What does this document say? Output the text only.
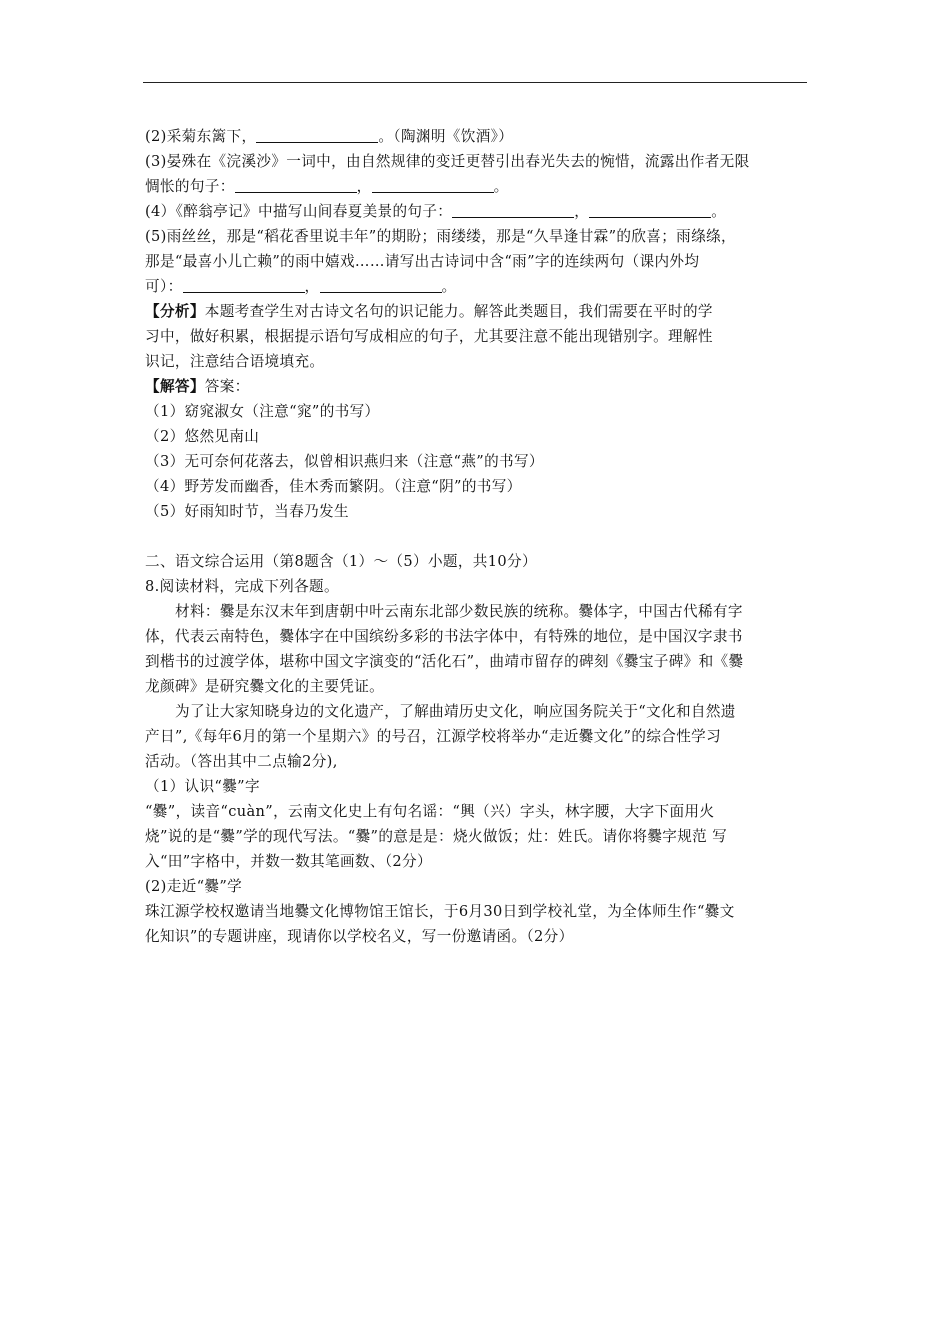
(2)采菊东篱下，	。（陶渊明《饮酒》）
(3)晏殊在《浣溪沙》一词中，由自然规律的变迁更替引出春光失去的惋惜，流露出作者无限
惆怅的句子：	，	。
(4）《醉翁亭记》中描写山间春夏美景的句子：	，	。
(5)雨丝丝，那是“稻花香里说丰年”的期盼；雨缕缕，那是“久旱逢甘霖”的欣喜；雨绦绦，
那是“最喜小儿亡赖”的雨中嬉戏……请写出古诗词中含“雨”字的连续两句（课内外均
可）：	，	。
【分析】本题考查学生对古诗文名句的识记能力。解答此类题目，我们需要在平时的学
习中，做好积累，根据提示语句写成相应的句子，尤其要注意不能出现错别字。理解性
识记，注意结合语境填充。
【解答】答案：
（1）窈窕淑女（注意“窕”的书写）
（2）悠然见南山
（3）无可奈何花落去，似曾相识燕归来（注意“燕”的书写）
（4）野芳发而幽香，佳木秀而繁阴。（注意“阴”的书写）
（5）好雨知时节，当春乃发生
二、语文综合运用（第8题含（1）～（5）小题，共10分）
8.阅读材料，完成下列各题。
材料：爨是东汉末年到唐朝中叶云南东北部少数民族的统称。爨体字，中国古代稀有字
体，代表云南特色，爨体字在中国缤纷多彩的书法字体中，有特殊的地位，是中国汉字隶书
到楷书的过渡学体，堪称中国文字演变的“活化石”，曲靖市留存的碑刻《爨宝子碑》和《爨
龙颜碑》是研究爨文化的主要凭证。
为了让大家知晓身边的文化遗产，了解曲靖历史文化，响应国务院关于“文化和自然遗
产日”,《每年6月的第一个星期六》的号召，江源学校将举办“走近爨文化”的综合性学习
活动。（答出其中二点输2分),
（1）认识“爨”字
“爨”，读音“cuàn”，云南文化史上有句名谣：“興（兴）字头，林字腰，大字下面用火
烧”说的是“爨”学的现代写法。“爨”的意是是：烧火做饭；灶：姓氏。请你将爨字规范 写
入“田”字格中，并数一数其笔画数、（2分）
(2)走近“爨”学
珠江源学校权邀请当地爨文化博物馆王馆长，于6月30日到学校礼堂，为全体师生作“爨文
化知识”的专题讲座，现请你以学校名义，写一份邀请函。（2分）
